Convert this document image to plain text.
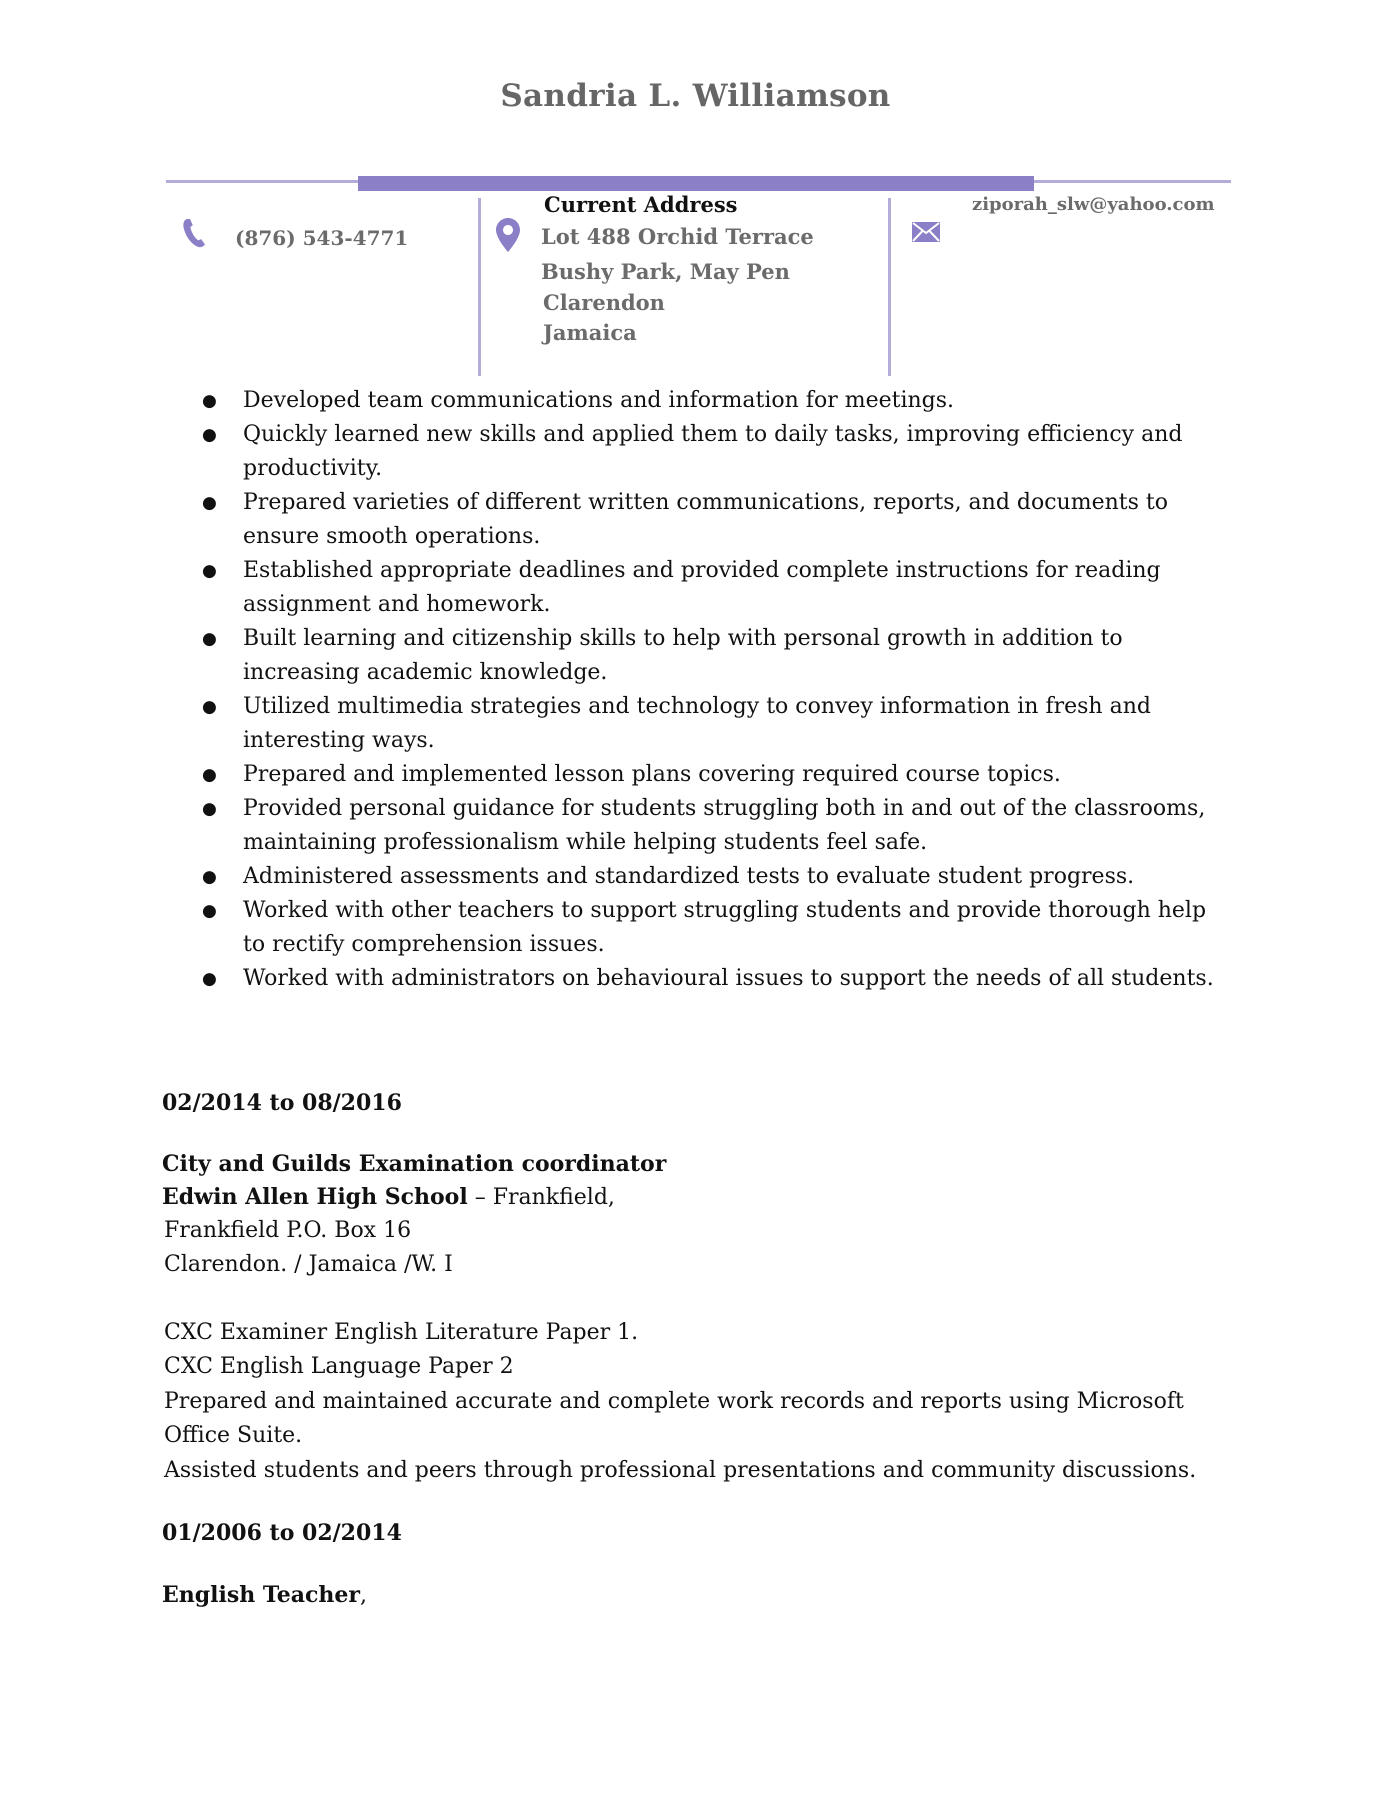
Sandria L. Williamson
(876) 543-4771
Current Address
Lot 488 Orchid Terrace
Bushy Park, May Pen
Clarendon
Jamaica
ziporah_slw@yahoo.com
● Developed team communications and information for meetings.
● Quickly learned new skills and applied them to daily tasks, improving efficiency and productivity.
● Prepared varieties of different written communications, reports, and documents to ensure smooth operations.
● Established appropriate deadlines and provided complete instructions for reading assignment and homework.
● Built learning and citizenship skills to help with personal growth in addition to increasing academic knowledge.
● Utilized multimedia strategies and technology to convey information in fresh and interesting ways.
● Prepared and implemented lesson plans covering required course topics.
● Provided personal guidance for students struggling both in and out of the classrooms, maintaining professionalism while helping students feel safe.
● Administered assessments and standardized tests to evaluate student progress.
● Worked with other teachers to support struggling students and provide thorough help to rectify comprehension issues.
● Worked with administrators on behavioural issues to support the needs of all students.
02/2014 to 08/2016
City and Guilds Examination coordinator
Edwin Allen High School – Frankfield,
Frankfield P.O. Box 16
Clarendon. / Jamaica /W. I
CXC Examiner English Literature Paper 1.
CXC English Language Paper 2
Prepared and maintained accurate and complete work records and reports using Microsoft Office Suite.
Assisted students and peers through professional presentations and community discussions.
01/2006 to 02/2014
English Teacher,
